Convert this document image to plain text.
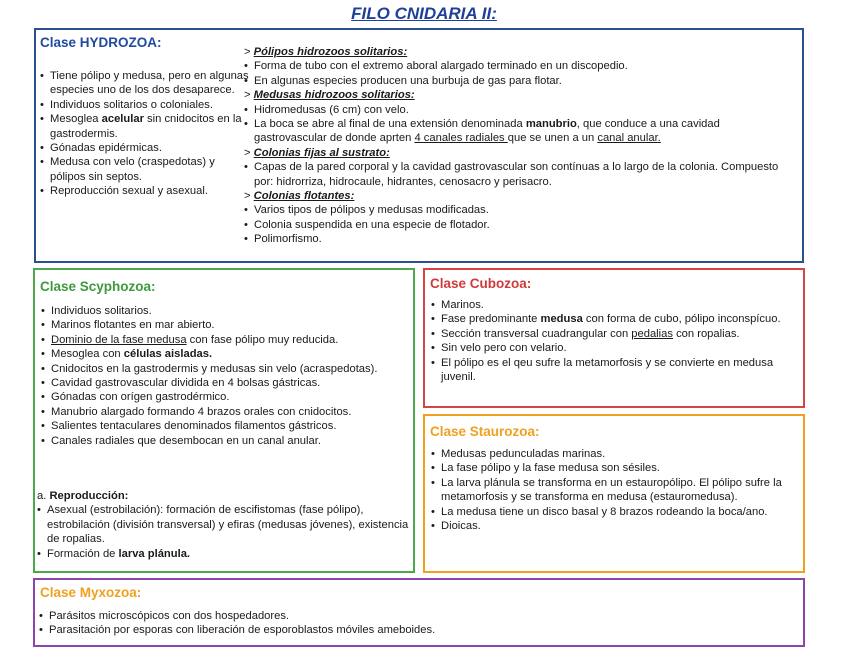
FILO CNIDARIA II:
Clase HYDROZOA:
• Tiene pólipo y medusa, pero en algunas especies uno de los dos desaparece.
• Individuos solitarios o coloniales.
• Mesoglea acelular sin cnidocitos en la gastrodermis.
• Gónadas epidérmicas.
• Medusa con velo (craspedotas) y pólipos sin septos.
• Reproducción sexual y asexual.
> Pólipos hidrozoos solitarios:
• Forma de tubo con el extremo aboral alargado terminado en un discopedio.
• En algunas especies producen una burbuja de gas para flotar.
> Medusas hidrozoos solitarios:
• Hidromedusas (6 cm) con velo.
• La boca se abre al final de una extensión denominada manubrio, que conduce a una cavidad gastrovascular de donde aprten 4 canales radiales que se unen a un canal anular.
> Colonias fijas al sustrato:
• Capas de la pared corporal y la cavidad gastrovascular son contínuas a lo largo de la colonia. Compuesto por: hidrorriza, hidrocaule, hidrantes, cenosacro y perisacro.
> Colonias flotantes:
• Varios tipos de pólipos y medusas modificadas.
• Colonia suspendida en una especie de flotador.
• Polimorfismo.
Clase Scyphozoa:
• Individuos solitarios.
• Marinos flotantes en mar abierto.
• Dominio de la fase medusa con fase pólipo muy reducida.
• Mesoglea con células aisladas.
• Cnidocitos en la gastrodermis y medusas sin velo (acraspedotas).
• Cavidad gastrovascular dividida en 4 bolsas gástricas.
• Gónadas con orígen gastrodérmico.
• Manubrio alargado formando 4 brazos orales con cnidocitos.
• Salientes tentaculares denominados filamentos gástricos.
• Canales radiales que desembocan en un canal anular.
a. Reproducción:
• Asexual (estrobilación): formación de escifistomas (fase pólipo), estrobilación (división transversal) y efiras (medusas jóvenes), existencia de ropalias.
• Formación de larva plánula.
Clase Cubozoa:
• Marinos.
• Fase predominante medusa con forma de cubo, pólipo inconspícuo.
• Sección transversal cuadrangular con pedalias con ropalias.
• Sin velo pero con velario.
• El pólipo es el qeu sufre la metamorfosis y se convierte en medusa juvenil.
Clase Staurozoa:
• Medusas pedunculadas marinas.
• La fase pólipo y la fase medusa son sésiles.
• La larva plánula se transforma en un estauropólipo. El pólipo sufre la metamorfosis y se transforma en medusa (estauromedusa).
• La medusa tiene un disco basal y 8 brazos rodeando la boca/ano.
• Dioicas.
Clase Myxozoa:
• Parásitos microscópicos con dos hospedadores.
• Parasitación por esporas con liberación de esporoblastos móviles ameboides.
